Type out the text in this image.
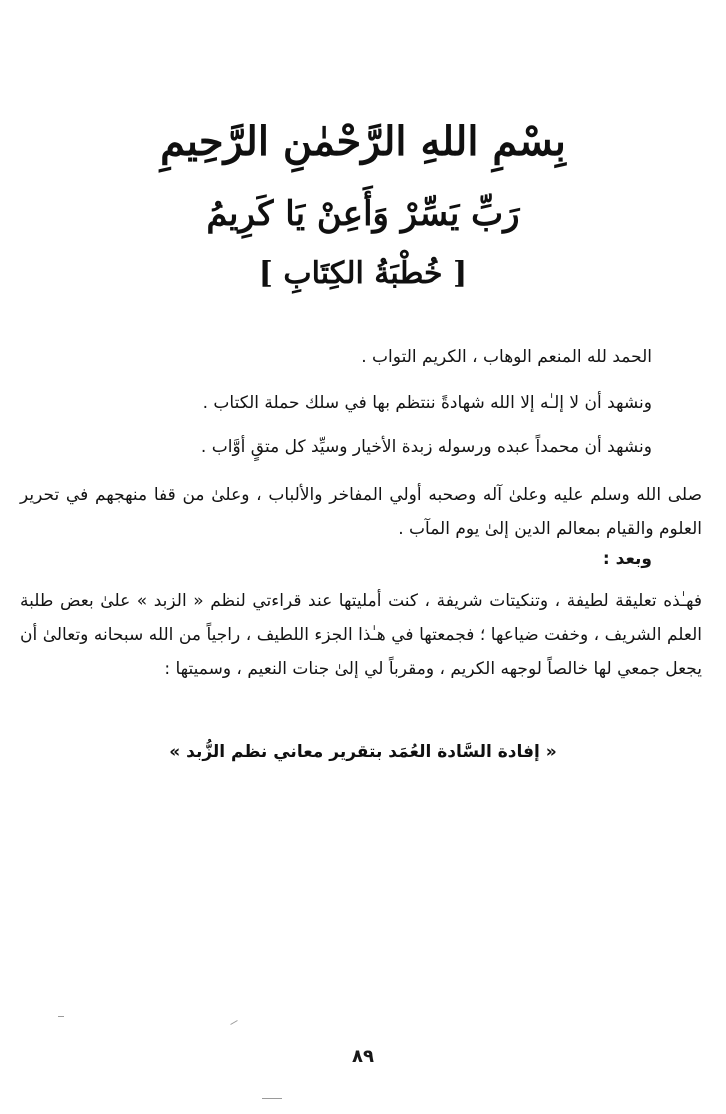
بِسْمِ اللهِ الرَّحْمٰنِ الرَّحِيمِ
رَبِّ يَسِّرْ وَأَعِنْ يَا كَرِيمُ
[ خُطْبَةُ الكِتَابِ ]

الحمد لله المنعم الوهاب ، الكريم التواب .

ونشهد أن لا إلـٰه إلا الله شهادةً ننتظم بها في سلك حملة الكتاب .

ونشهد أن محمداً عبده ورسوله زبدة الأخيار وسيِّد كل متقٍ أوَّاب .

صلى الله وسلم عليه وعلىٰ آله وصحبه أولي المفاخر والألباب ، وعلىٰ من قفا منهجهم في تحرير العلوم والقيام بمعالم الدين إلىٰ يوم المآب .

وبعد :

فهـٰذه تعليقة لطيفة ، وتنكيتات شريفة ، كنت أمليتها عند قراءتي لنظم « الزبد » علىٰ بعض طلبة العلم الشريف ، وخفت ضياعها ؛ فجمعتها في هـٰذا الجزء اللطيف ، راجياً من الله سبحانه وتعالىٰ أن يجعل جمعي لها خالصاً لوجهه الكريم ، ومقرباً لي إلىٰ جنات النعيم ، وسميتها :

« إفادة السَّادة العُمَد بتقرير معاني نظم الزُّبد »
٨٩
